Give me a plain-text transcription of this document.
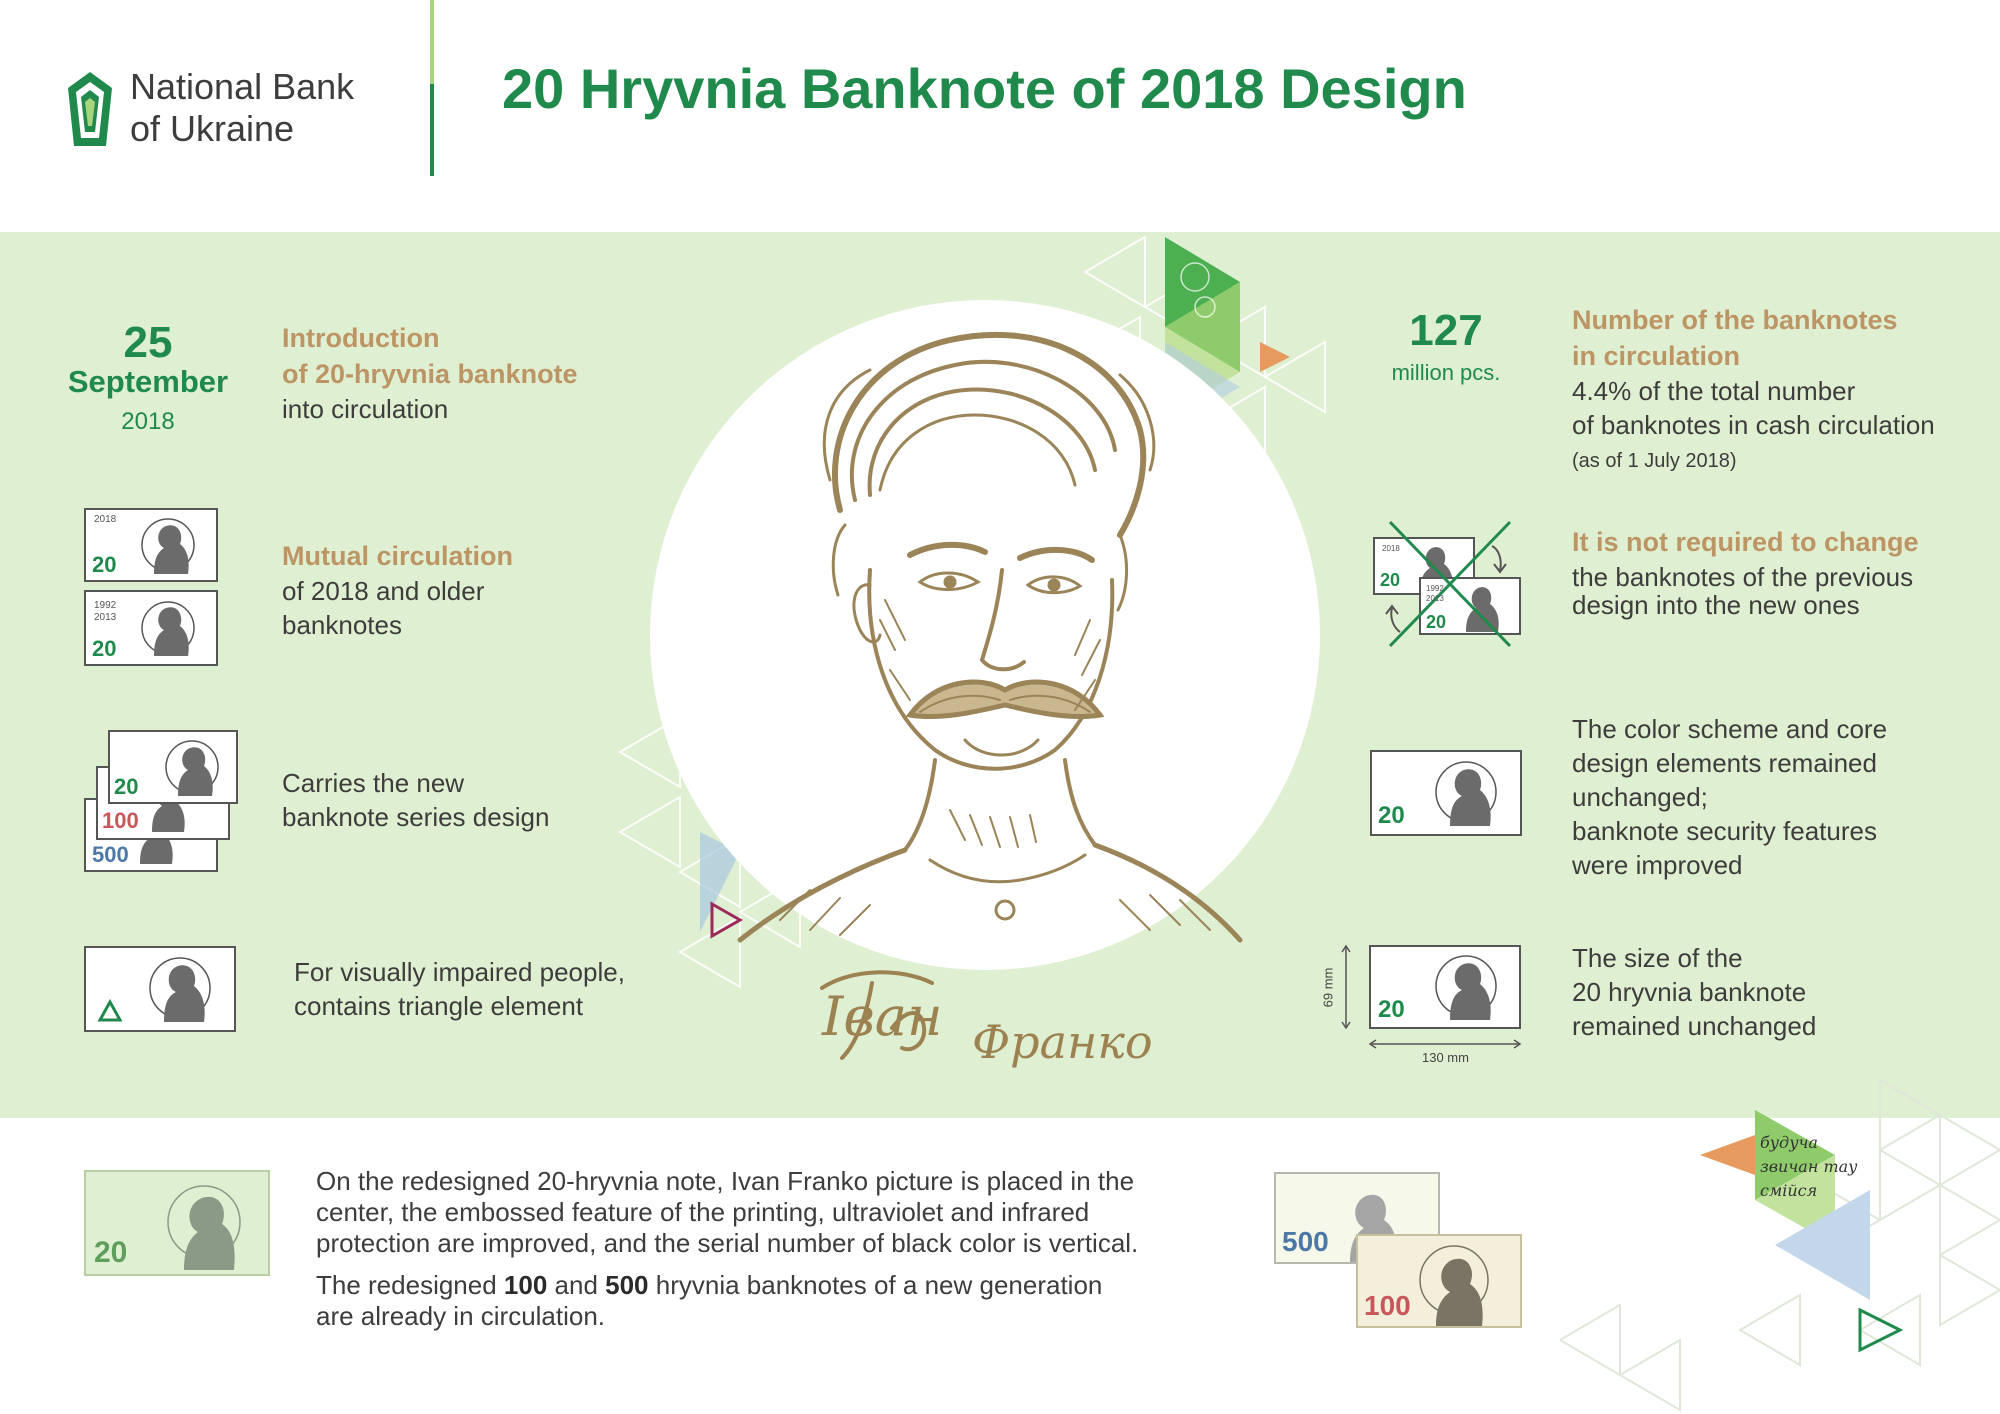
National Bank
of Ukraine
20 Hryvnia Banknote of 2018 Design
Іван Франко
25
September
2018
Introduction
of 20-hryvnia banknote
into circulation
2018
20
1992
2013
20
Mutual circulation
of 2018 and older
banknotes
500
100
20	Carries the new
banknote series design
For visually impaired people,
contains triangle element
127
million pcs.
Number of the banknotes
in circulation
4.4% of the total number
of banknotes in cash circulation
(as of 1 July 2018)
2018
20	1992
2013
20
It is not required to change
the banknotes of the previous
design into the new ones
20
The color scheme and core
design elements remained
unchanged;
banknote security features
were improved
20
69 mm
130 mm
The size of the
20 hryvnia banknote
remained unchanged
20
On the redesigned 20-hryvnia note, Ivan Franko picture is placed in the
center, the embossed feature of the printing, ultraviolet and infrared
protection are improved, and the serial number of black color is vertical.
The redesigned 100 and 500 hryvnia banknotes of a new generation
are already in circulation.
500
100
будуча
звичан тау
смійся
